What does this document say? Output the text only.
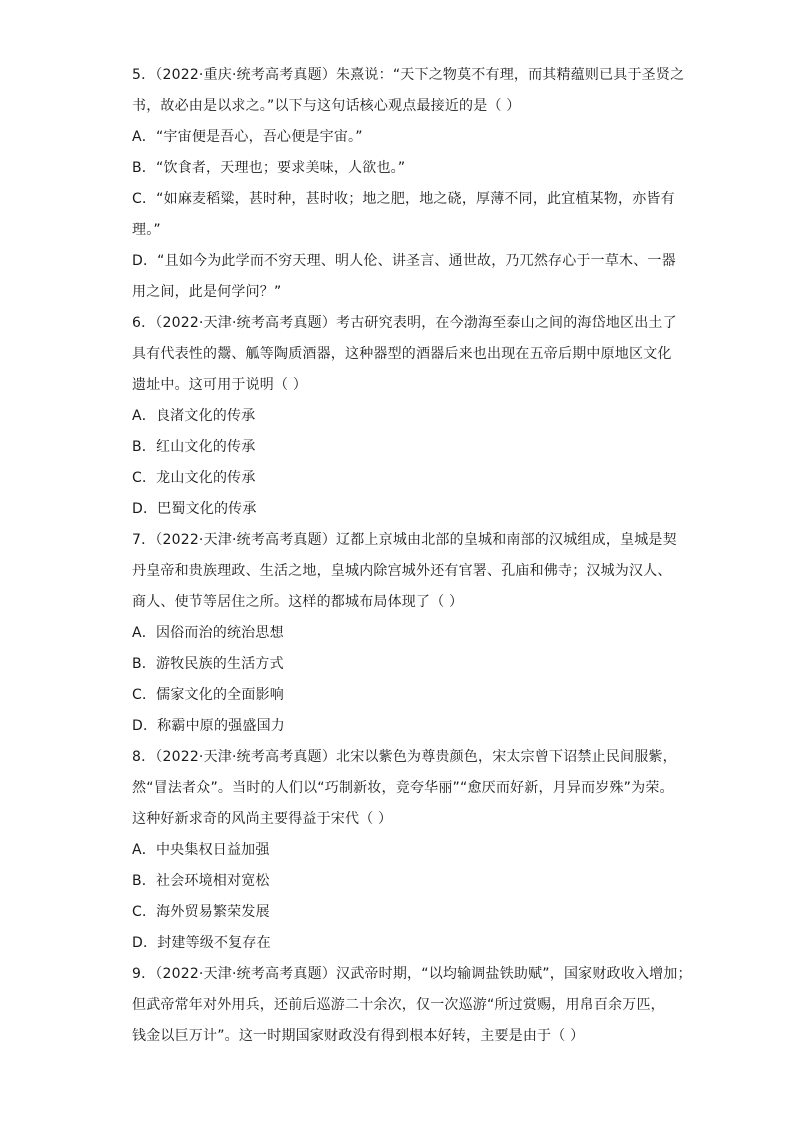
5．（2022·重庆·统考高考真题）朱熹说：“天下之物莫不有理，而其精蕴则已具于圣贤之
书，故必由是以求之。”以下与这句话核心观点最接近的是（ ）
A．“宇宙便是吾心，吾心便是宇宙。”
B．“饮食者，天理也；要求美味，人欲也。”
C．“如麻麦稻粱，甚时种，甚时收；地之肥，地之硗，厚薄不同，此宜植某物，亦皆有
理。”
D．“且如今为此学而不穷天理、明人伦、讲圣言、通世故，乃兀然存心于一草木、一器
用之间，此是何学问？”
6．（2022·天津·统考高考真题）考古研究表明，在今渤海至泰山之间的海岱地区出土了
具有代表性的鬶、觚等陶质酒器，这种器型的酒器后来也出现在五帝后期中原地区文化
遗址中。这可用于说明（ ）
A．良渚文化的传承
B．红山文化的传承
C．龙山文化的传承
D．巴蜀文化的传承
7．（2022·天津·统考高考真题）辽都上京城由北部的皇城和南部的汉城组成，皇城是契
丹皇帝和贵族理政、生活之地，皇城内除宫城外还有官署、孔庙和佛寺；汉城为汉人、
商人、使节等居住之所。这样的都城布局体现了（ ）
A．因俗而治的统治思想
B．游牧民族的生活方式
C．儒家文化的全面影响
D．称霸中原的强盛国力
8．（2022·天津·统考高考真题）北宋以紫色为尊贵颜色，宋太宗曾下诏禁止民间服紫，
然“冒法者众”。当时的人们以“巧制新妆，竞夸华丽”“愈厌而好新，月异而岁殊”为荣。
这种好新求奇的风尚主要得益于宋代（ ）
A．中央集权日益加强
B．社会环境相对宽松
C．海外贸易繁荣发展
D．封建等级不复存在
9．（2022·天津·统考高考真题）汉武帝时期，“以均输调盐铁助赋”，国家财政收入增加；
但武帝常年对外用兵，还前后巡游二十余次，仅一次巡游“所过赏赐，用帛百余万匹，
钱金以巨万计”。这一时期国家财政没有得到根本好转，主要是由于（ ）
